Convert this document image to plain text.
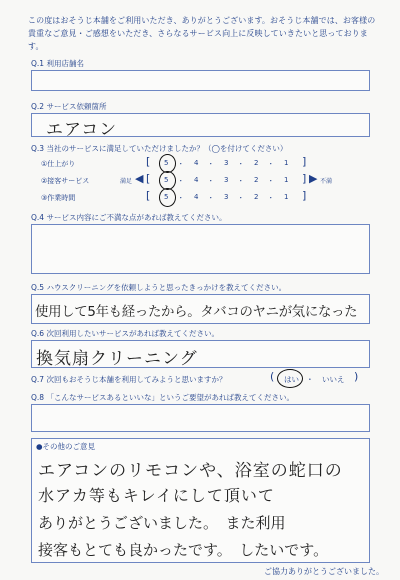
この度はおそうじ本舗をご利用いただき、ありがとうございます。おそうじ本舗では、お客様の貴重なご意見・ご感想をいただき、さらなるサービス向上に反映していきたいと思っております。
Q.1 利用店舗名
Q.2 サービス依頼箇所
エアコン
Q.3 当社のサービスに満足していただけましたか？（◯を付けてください）
①仕上がり	[ 5 ･ 4 ･ 3 ･ 2 ･ 1 ]
②接客サービス	満足 ◀ [ 5 ･ 4 ･ 3 ･ 2 ･ 1 ] ▶ 不満
③作業時間	[ 5 ･ 4 ･ 3 ･ 2 ･ 1 ]
Q.4 サービス内容にご不満な点があれば教えてください。
Q.5 ハウスクリーニングを依頼しようと思ったきっかけを教えてください。
使用して5年も経ったから。タバコのヤニが気になった
Q.6 次回利用したいサービスがあれば教えてください。
換気扇クリーニング
Q.7 次回もおそうじ本舗を利用してみようと思いますか？	( はい ･ いいえ )
Q.8 「こんなサービスあるといいな」というご要望があれば教えてください。
●その他のご意見
エアコンのリモコンや、浴室の蛇口の
水アカ等もキレイにして頂いて
ありがとうございました。　また利用
接客もとても良かったです。　したいです。
ご協力ありがとうございました。
